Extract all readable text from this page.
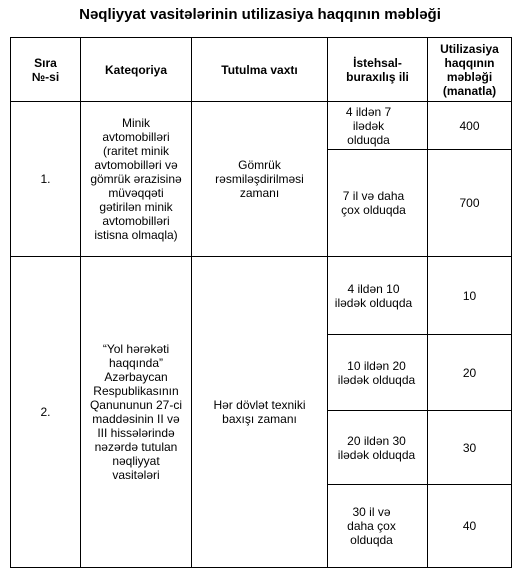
Nəqliyyat vasitələrinin utilizasiya haqqının məbləği
Sıra №-si	Kateqoriya	Tutulma vaxtı	İstehsal-buraxılış ili	Utilizasiya haqqının məbləği (manatla)
1.	Minik avtomobilləri (raritet minik avtomobilləri və gömrük ərazisinə müvəqqəti gətirilən minik avtomobilləri istisna olmaqla)	Gömrük rəsmiləşdirilməsi zamanı	4 ildən 7 ilədək olduqda	400
			7 il və daha çox olduqda	700
2.	“Yol hərəkəti haqqında” Azərbaycan Respublikasının Qanununun 27-ci maddəsinin II və III hissələrində nəzərdə tutulan nəqliyyat vasitələri	Hər dövlət texniki baxışı zamanı	4 ildən 10 ilədək olduqda	10
			10 ildən 20 ilədək olduqda	20
			20 ildən 30 ilədək olduqda	30
			30 il və daha çox olduqda	40
